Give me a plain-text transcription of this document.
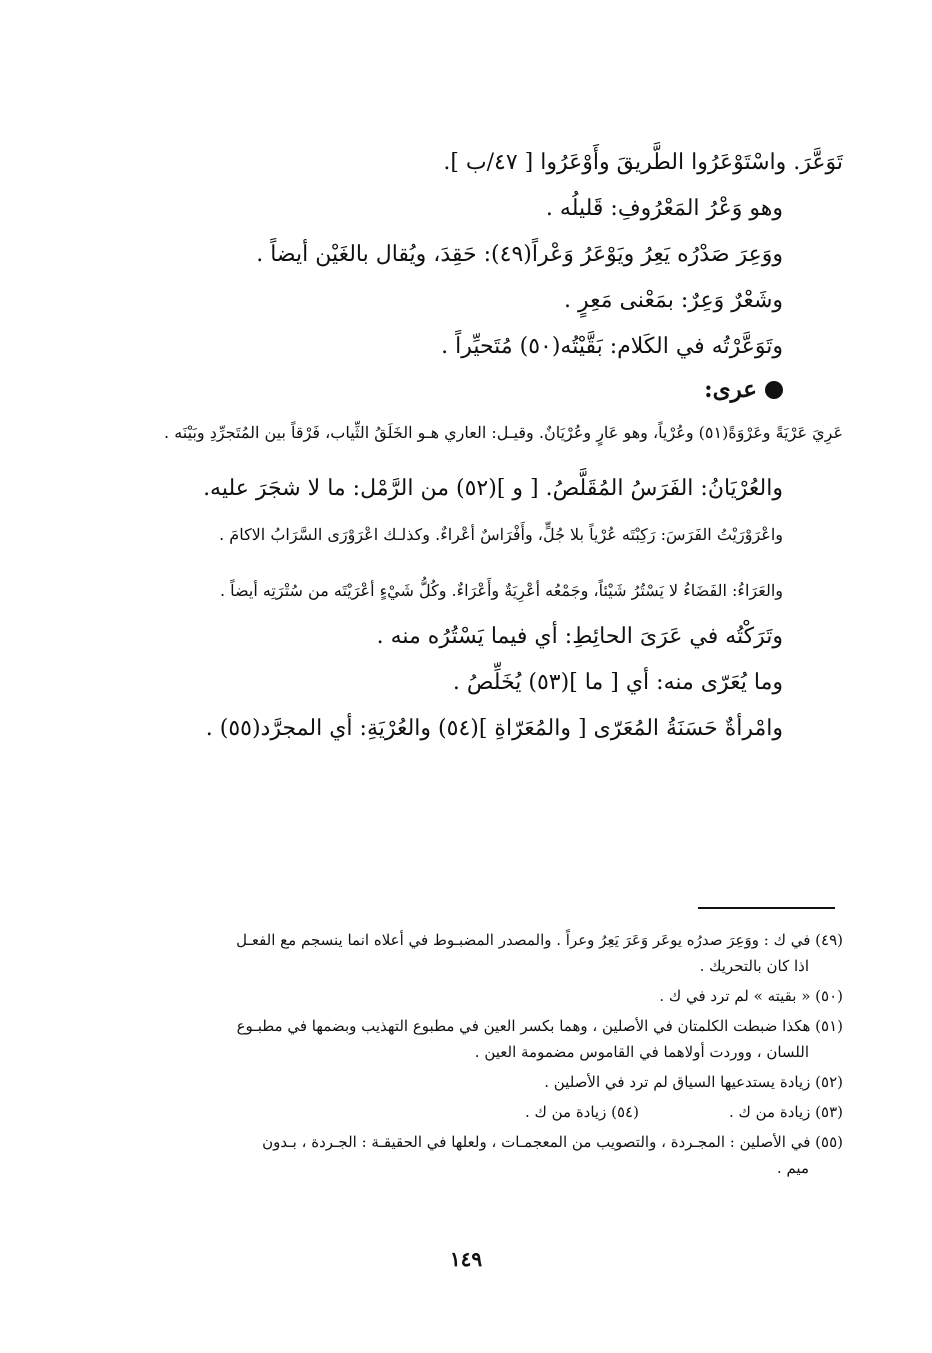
تَوَعَّرَ. واسْتَوْعَرُوا الطَّريقَ وأَوْعَرُوا [ ٤٧/ب ].
وهو وَعْرُ المَعْرُوفِ: قَليلُه .
ووَعِرَ صَدْرُه يَعِرُ ويَوْعَرُ وَعْراً(٤٩): حَقِدَ، ويُقال بالغَيْن أيضاً .
وشَعْرٌ وَعِرٌ: بمَعْنى مَعِرٍ .
وتَوَعَّرْتُه في الكَلام: بَقَّيْتُه(٥٠) مُتَحيِّراً .
عرى:
عَرِيَ عَرْيَةً وعَرْوَةً(٥١) وعُرْياً، وهو عَارٍ وعُرْيَانٌ. وقيـل: العاري هـو الخَلَقُ الثِّياب، فَرْقاً بين المُتَجرِّدِ وبَيْنَه .
والعُرْيَانُ: الفَرَسُ المُقَلَّصُ. [ و ](٥٢) من الرَّمْل: ما لا شجَرَ عليه.
واعْرَوْرَيْتُ الفَرَسَ: رَكِبْتَه عُرْياً بلا جُلٍّ، وأَفْرَاسٌ أعْراءٌ. وكذلـك اعْرَوْرَى السَّرَابُ الاكامَ .
والعَرَاءُ: الفَضَاءُ لا يَسْتُرُ شَيْئاً، وجَمْعُه أعْرِيَةٌ وأَعْرَاءٌ. وكُلُّ شَيْءٍ أعْرَيْتَه من سُتْرَتِه أيضاً .
وتَرَكْتُه في عَرَىَ الحائِطِ: أي فيما يَسْتُرُه منه .
وما يُعَرّى منه: أي [ ما ](٥٣) يُخَلِّصُ .
وامْرأةٌ حَسَنَةُ المُعَرّى [ والمُعَرّاةِ ](٥٤) والعُرْيَةِ: أي المجرَّد(٥٥) .
(٤٩) في ك : ووَعِرَ صدرُه يوعَر وَعَرَ يَعِرُ وعراً . والمصدر المضبـوط في أعلاه انما ينسجم مع الفعـل
اذا كان بالتحريك .
(٥٠) « بقيته » لم ترد في ك .
(٥١) هكذا ضبطت الكلمتان في الأصلين ، وهما بكسر العين في مطبوع التهذيب وبضمها في مطبـوع
اللسان ، ووردت أولاهما في القاموس مضمومة العين .
(٥٢) زيادة يستدعيها السياق لم ترد في الأصلين .
(٥٣) زيادة من ك .
(٥٤) زيادة من ك .
(٥٥) في الأصلين : المجـردة ، والتصويب من المعجمـات ، ولعلها في الحقيقـة : الجـردة ، بـدون
ميم .
١٤٩
